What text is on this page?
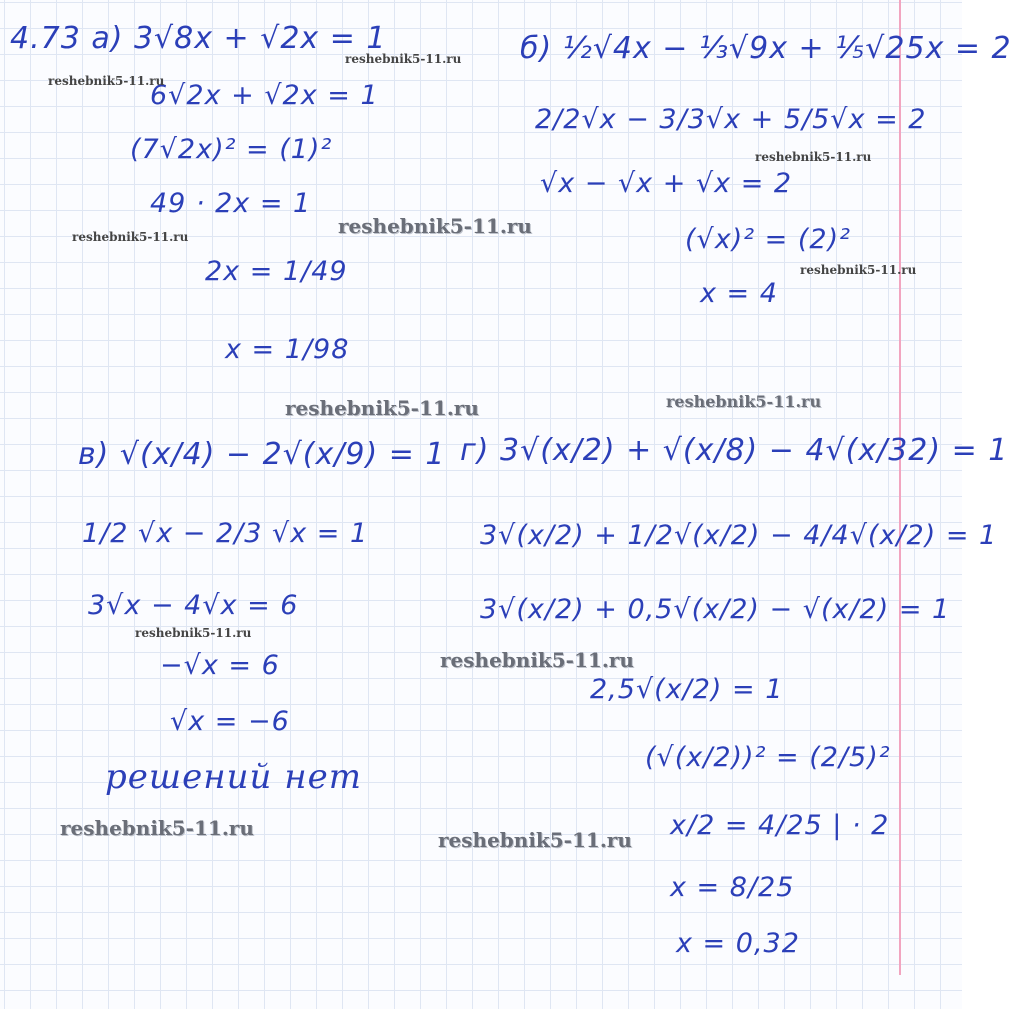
4.73 а) 3√8x + √2x = 1
6√2x + √2x = 1
(7√2x)² = (1)²
49 · 2x = 1
2x = 1/49
x = 1/98
б) ½√4x − ⅓√9x + ⅕√25x = 2
2/2√x − 3/3√x + 5/5√x = 2
√x − √x + √x = 2
(√x)² = (2)²
x = 4
в) √(x/4) − 2√(x/9) = 1
1/2 √x − 2/3 √x = 1
3√x − 4√x = 6
−√x = 6
√x = −6
решений нет
г) 3√(x/2) + √(x/8) − 4√(x/32) = 1
3√(x/2) + 1/2√(x/2) − 4/4√(x/2) = 1
3√(x/2) + 0,5√(x/2) − √(x/2) = 1
2,5√(x/2) = 1
(√(x/2))² = (2/5)²
x/2 = 4/25 | · 2
x = 8/25
x = 0,32
reshebnik5-11.ru
reshebnik5-11.ru
reshebnik5-11.ru
reshebnik5-11.ru
reshebnik5-11.ru
reshebnik5-11.ru
reshebnik5-11.ru
reshebnik5-11.ru	reshebnik5-11.ru
reshebnik5-11.ru
reshebnik5-11.ru	reshebnik5-11.ru
